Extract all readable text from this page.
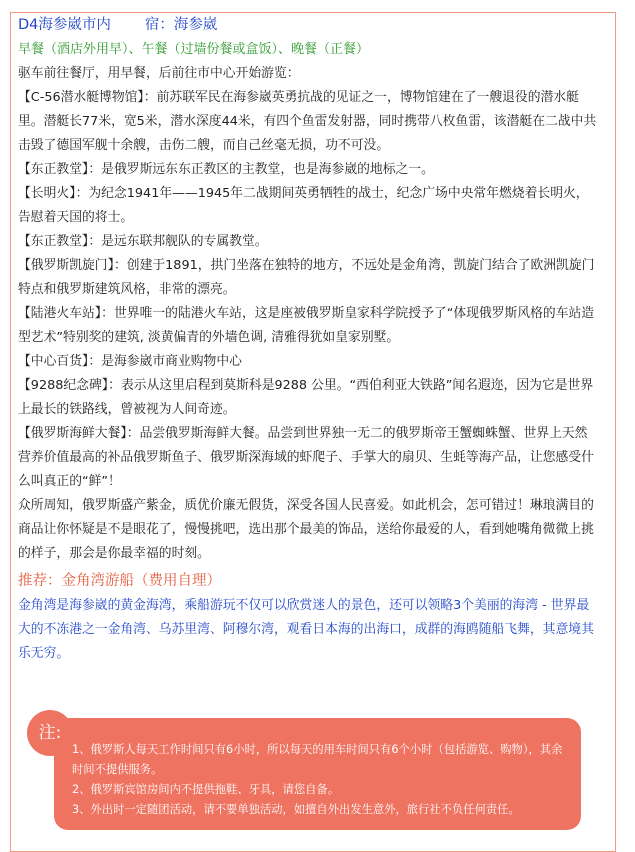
D4海参崴市内 宿：海参崴
早餐（酒店外用早）、午餐（过墙份餐或盒饭）、晚餐（正餐）

驱车前往餐厅，用早餐，后前往市中心开始游览：

【C-56潜水艇博物馆】：前苏联军民在海参崴英勇抗战的见证之一，博物馆建在了一艘退役的潜水艇里。潜艇长77米，宽5米，潜水深度44米，有四个鱼雷发射器，同时携带八枚鱼雷，该潜艇在二战中共击毁了德国军舰十余艘，击伤二艘，而自己丝毫无损，功不可没。

【东正教堂】：是俄罗斯远东东正教区的主教堂，也是海参崴的地标之一。

【长明火】：为纪念1941年——1945年二战期间英勇牺牲的战士，纪念广场中央常年燃烧着长明火，告慰着天国的将士。

【东正教堂】：是远东联邦舰队的专属教堂。

【俄罗斯凯旋门】：创建于1891，拱门坐落在独特的地方，不远处是金角湾，凯旋门结合了欧洲凯旋门特点和俄罗斯建筑风格，非常的漂亮。

【陆港火车站】：世界唯一的陆港火车站，这是座被俄罗斯皇家科学院授予了“体现俄罗斯风格的车站造型艺术”特别奖的建筑, 淡黄偏青的外墙色调, 清雅得犹如皇家别墅。

【中心百货】：是海参崴市商业购物中心

【9288纪念碑】：表示从这里启程到莫斯科是9288 公里。“西伯利亚大铁路”闻名遐迩，因为它是世界上最长的铁路线，曾被视为人间奇迹。

【俄罗斯海鲜大餐】：品尝俄罗斯海鲜大餐。品尝到世界独一无二的俄罗斯帝王蟹蜘蛛蟹、世界上天然营养价值最高的补品俄罗斯鱼子、俄罗斯深海域的虾爬子、手掌大的扇贝、生蚝等海产品，让您感受什么叫真正的“鲜”！

众所周知，俄罗斯盛产紫金，质优价廉无假货，深受各国人民喜爱。如此机会，怎可错过！琳琅满目的商品让你怀疑是不是眼花了，慢慢挑吧，选出那个最美的饰品，送给你最爱的人，看到她嘴角微微上挑的样子，那会是你最幸福的时刻。

推荐：金角湾游船（费用自理）

金角湾是海参崴的黄金海湾，乘船游玩不仅可以欣赏迷人的景色，还可以领略3个美丽的海湾 - 世界最大的不冻港之一金角湾、乌苏里湾、阿穆尔湾，观看日本海的出海口，成群的海鸥随船飞舞，其意境其乐无穷。

注:
1、俄罗斯人每天工作时间只有6小时，所以每天的用车时间只有6个小时（包括游览、购物），其余时间不提供服务。
2、俄罗斯宾馆房间内不提供拖鞋、牙具，请您自备。
3、外出时一定随团活动，请不要单独活动，如擅自外出发生意外，旅行社不负任何责任。
